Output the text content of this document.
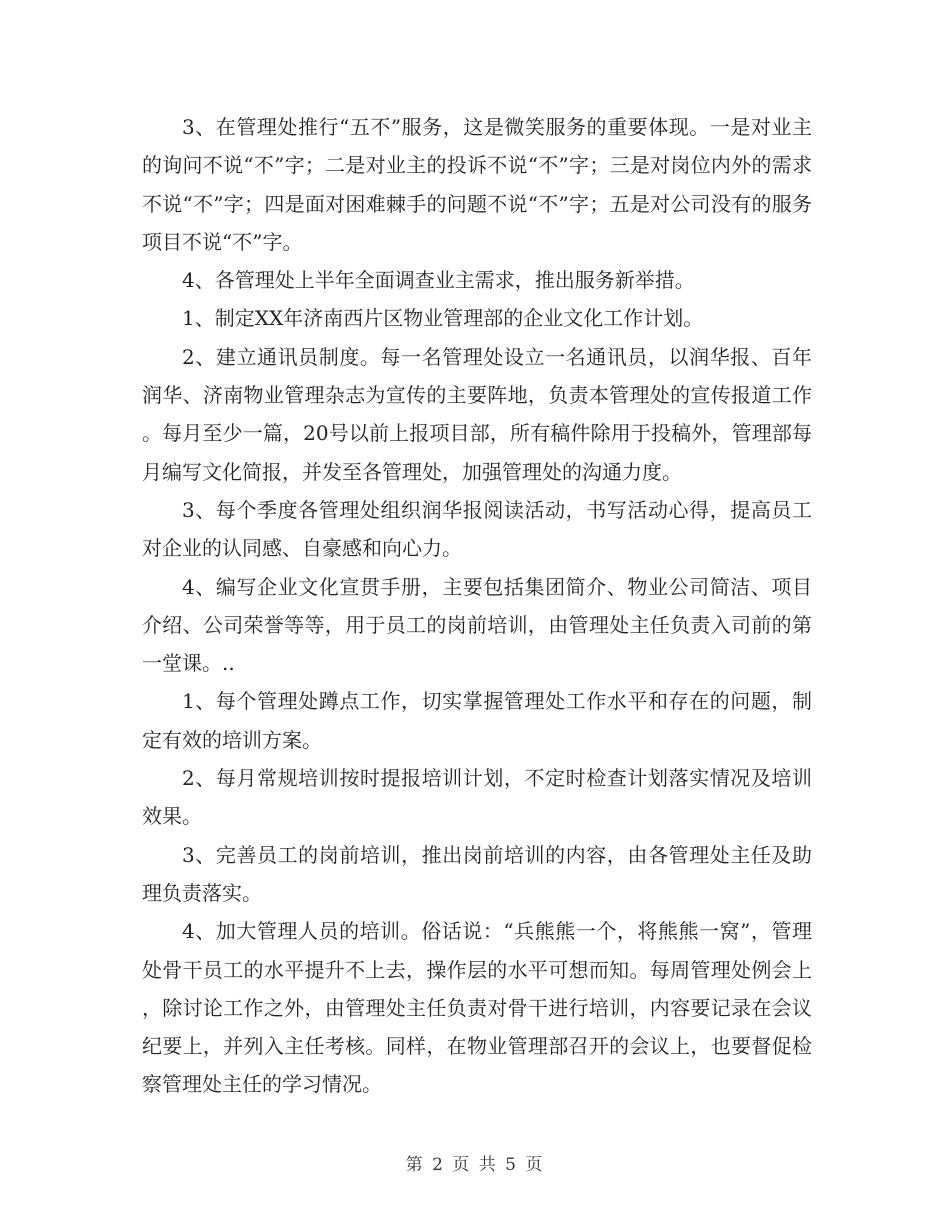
3、在管理处推行“五不”服务，这是微笑服务的重要体现。一是对业主的询问不说“不”字；二是对业主的投诉不说“不”字；三是对岗位内外的需求不说“不”字；四是面对困难棘手的问题不说“不”字；五是对公司没有的服务项目不说“不”字。

4、各管理处上半年全面调查业主需求，推出服务新举措。

1、制定XX年济南西片区物业管理部的企业文化工作计划。

2、建立通讯员制度。每一名管理处设立一名通讯员，以润华报、百年润华、济南物业管理杂志为宣传的主要阵地，负责本管理处的宣传报道工作。每月至少一篇，20号以前上报项目部，所有稿件除用于投稿外，管理部每月编写文化简报，并发至各管理处，加强管理处的沟通力度。

3、每个季度各管理处组织润华报阅读活动，书写活动心得，提高员工对企业的认同感、自豪感和向心力。

4、编写企业文化宣贯手册，主要包括集团简介、物业公司简洁、项目介绍、公司荣誉等等，用于员工的岗前培训，由管理处主任负责入司前的第一堂课。..

1、每个管理处蹲点工作，切实掌握管理处工作水平和存在的问题，制定有效的培训方案。

2、每月常规培训按时提报培训计划，不定时检查计划落实情况及培训效果。

3、完善员工的岗前培训，推出岗前培训的内容，由各管理处主任及助理负责落实。

4、加大管理人员的培训。俗话说：“兵熊熊一个，将熊熊一窝”，管理处骨干员工的水平提升不上去，操作层的水平可想而知。每周管理处例会上，除讨论工作之外，由管理处主任负责对骨干进行培训，内容要记录在会议纪要上，并列入主任考核。同样，在物业管理部召开的会议上，也要督促检察管理处主任的学习情况。

第 2 页 共 5 页
